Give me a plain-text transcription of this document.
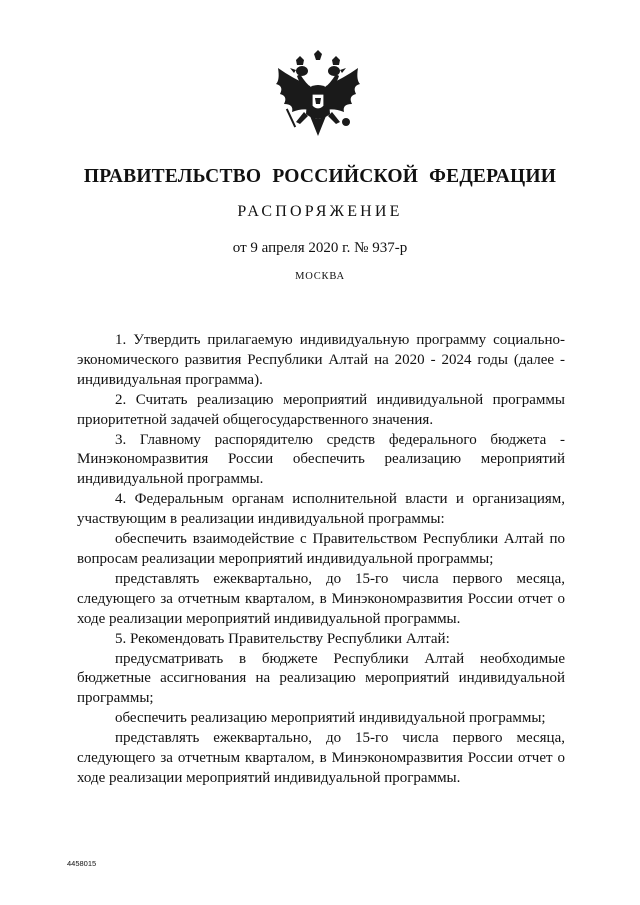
ПРАВИТЕЛЬСТВО РОССИЙСКОЙ ФЕДЕРАЦИИ
РАСПОРЯЖЕНИЕ
от 9 апреля 2020 г. № 937-р
МОСКВА

1. Утвердить прилагаемую индивидуальную программу социально-экономического развития Республики Алтай на 2020 - 2024 годы (далее - индивидуальная программа).

2. Считать реализацию мероприятий индивидуальной программы приоритетной задачей общегосударственного значения.

3. Главному распорядителю средств федерального бюджета - Минэкономразвития России обеспечить реализацию мероприятий индивидуальной программы.

4. Федеральным органам исполнительной власти и организациям, участвующим в реализации индивидуальной программы:

обеспечить взаимодействие с Правительством Республики Алтай по вопросам реализации мероприятий индивидуальной программы;

представлять ежеквартально, до 15-го числа первого месяца, следующего за отчетным кварталом, в Минэкономразвития России отчет о ходе реализации мероприятий индивидуальной программы.

5. Рекомендовать Правительству Республики Алтай:

предусматривать в бюджете Республики Алтай необходимые бюджетные ассигнования на реализацию мероприятий индивидуальной программы;

обеспечить реализацию мероприятий индивидуальной программы;

представлять ежеквартально, до 15-го числа первого месяца, следующего за отчетным кварталом, в Минэкономразвития России отчет о ходе реализации мероприятий индивидуальной программы.

4458015
